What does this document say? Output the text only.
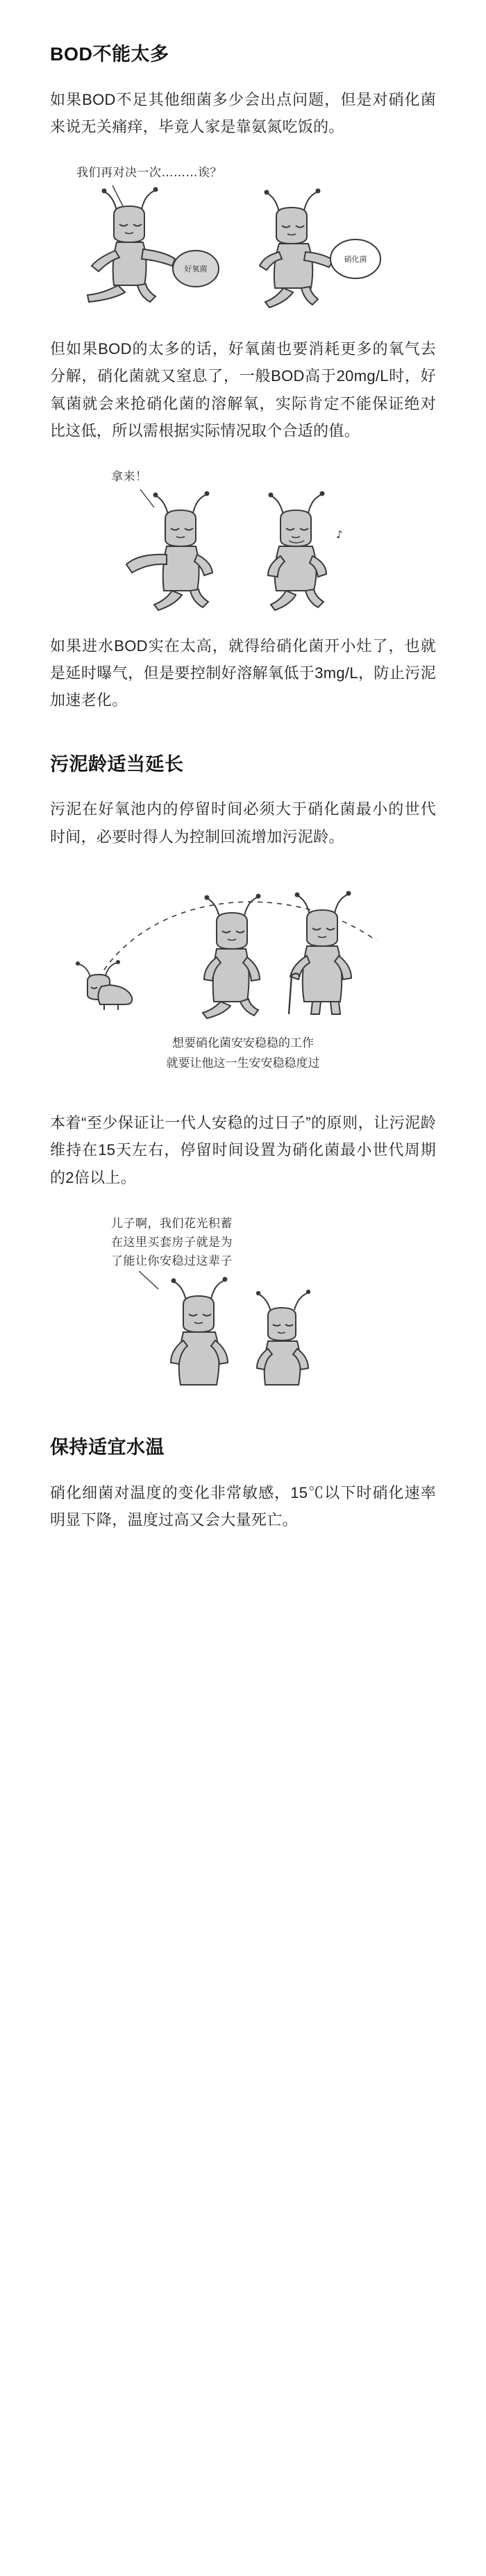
BOD不能太多

如果BOD不足其他细菌多少会出点问题，但是对硝化菌来说无关痛痒，毕竟人家是靠氨氮吃饭的。

我们再对决一次………诶？
好氧菌
硝化菌

但如果BOD的太多的话，好氧菌也要消耗更多的氧气去分解，硝化菌就又窒息了，一般BOD高于20mg/L时，好氧菌就会来抢硝化菌的溶解氧，实际肯定不能保证绝对比这低，所以需根据实际情况取个合适的值。

拿来！
♪

如果进水BOD实在太高，就得给硝化菌开小灶了，也就是延时曝气，但是要控制好溶解氧低于3mg/L，防止污泥加速老化。

污泥龄适当延长

污泥在好氧池内的停留时间必须大于硝化菌最小的世代时间，必要时得人为控制回流增加污泥龄。

想要硝化菌安安稳稳的工作
就要让他这一生安安稳稳度过

本着“至少保证让一代人安稳的过日子”的原则，让污泥龄维持在15天左右，停留时间设置为硝化菌最小世代周期的2倍以上。

儿子啊，我们花光积蓄
在这里买套房子就是为
了能让你安稳过这辈子
保持适宜水温

硝化细菌对温度的变化非常敏感，15℃以下时硝化速率明显下降，温度过高又会大量死亡。
